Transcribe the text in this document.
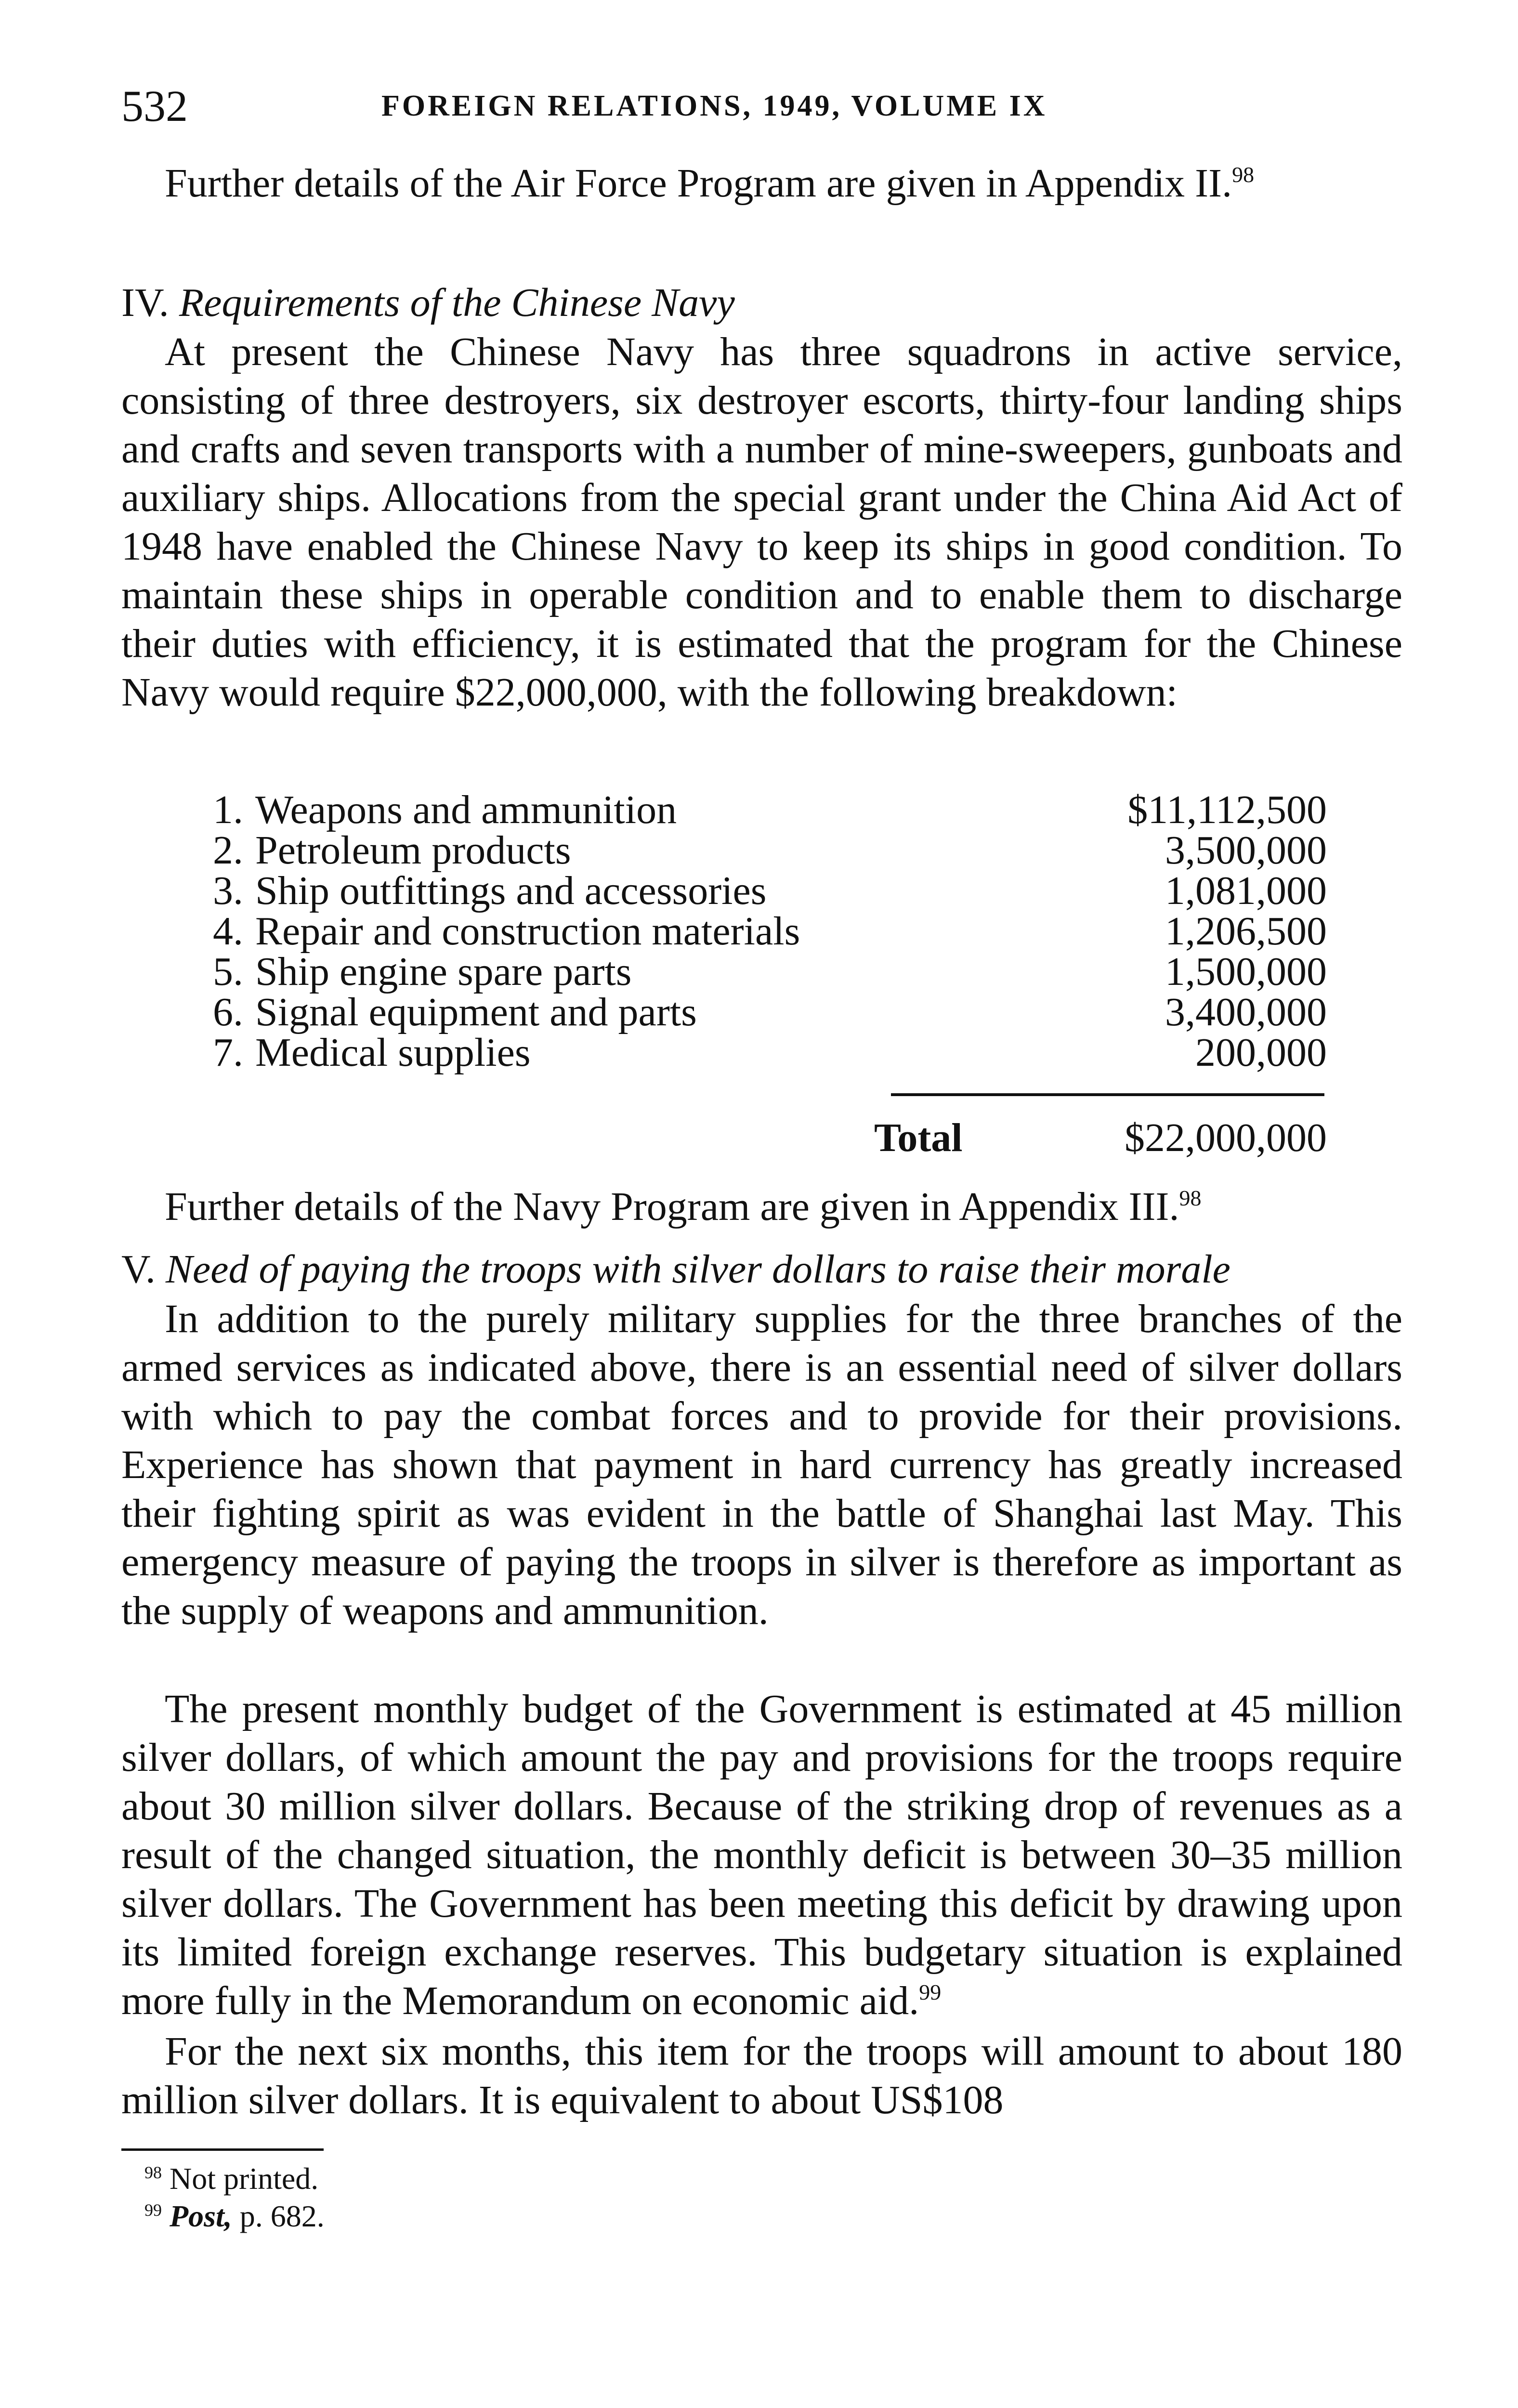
532	FOREIGN RELATIONS, 1949, VOLUME IX

Further details of the Air Force Program are given in Appendix II.$^{98}$

IV. Requirements of the Chinese Navy

At present the Chinese Navy has three squadrons in active service, consisting of three destroyers, six destroyer escorts, thirty-four landing ships and crafts and seven transports with a number of mine-sweepers, gunboats and auxiliary ships. Allocations from the special grant under the China Aid Act of 1948 have enabled the Chinese Navy to keep its ships in good condition. To maintain these ships in operable condition and to enable them to discharge their duties with efficiency, it is estimated that the program for the Chinese Navy would require $22,000,000, with the following breakdown:

1. Weapons and ammunition	$11,112,500
2. Petroleum products	3,500,000
3. Ship outfittings and accessories	1,081,000
4. Repair and construction materials	1,206,500
5. Ship engine spare parts	1,500,000
6. Signal equipment and parts	3,400,000
7. Medical supplies	200,000
Total	$22,000,000

Further details of the Navy Program are given in Appendix III.$^{98}$

V. Need of paying the troops with silver dollars to raise their morale

In addition to the purely military supplies for the three branches of the armed services as indicated above, there is an essential need of silver dollars with which to pay the combat forces and to provide for their provisions. Experience has shown that payment in hard currency has greatly increased their fighting spirit as was evident in the battle of Shanghai last May. This emergency measure of paying the troops in silver is therefore as important as the supply of weapons and ammunition.

The present monthly budget of the Government is estimated at 45 million silver dollars, of which amount the pay and provisions for the troops require about 30 million silver dollars. Because of the striking drop of revenues as a result of the changed situation, the monthly deficit is between 30–35 million silver dollars. The Government has been meeting this deficit by drawing upon its limited foreign exchange reserves. This budgetary situation is explained more fully in the Memorandum on economic aid.$^{99}$

For the next six months, this item for the troops will amount to about 180 million silver dollars. It is equivalent to about US$108

$^{98}$ Not printed.
$^{99}$ Post, p. 682.
